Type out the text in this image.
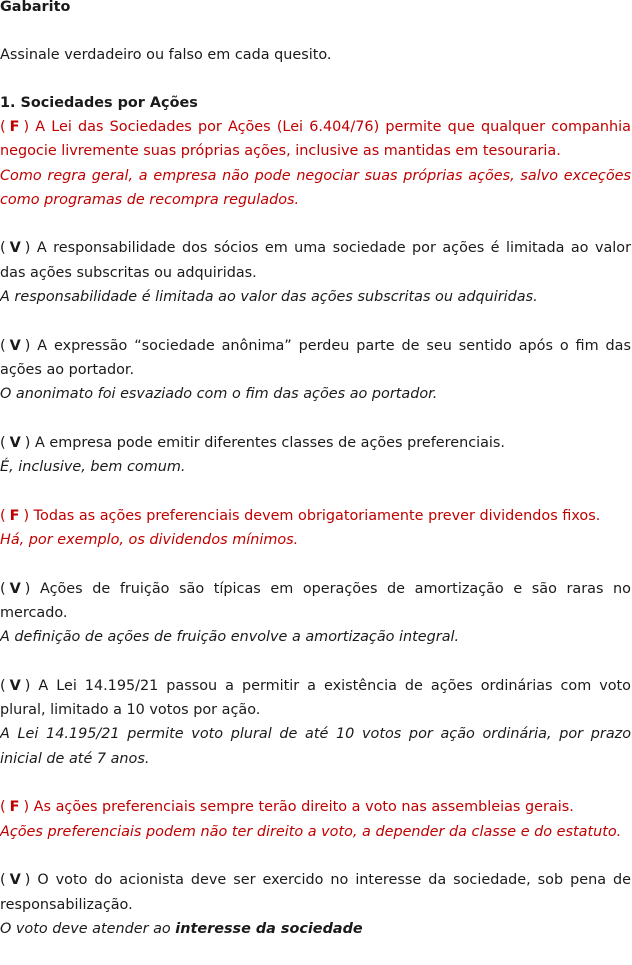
Gabarito

Assinale verdadeiro ou falso em cada quesito.

1. Sociedades por Ações

( F ) A Lei das Sociedades por Ações (Lei 6.404/76) permite que qualquer companhia negocie livremente suas próprias ações, inclusive as mantidas em tesouraria.

Como regra geral, a empresa não pode negociar suas próprias ações, salvo exceções como programas de recompra regulados.

( V ) A responsabilidade dos sócios em uma sociedade por ações é limitada ao valor das ações subscritas ou adquiridas.

A responsabilidade é limitada ao valor das ações subscritas ou adquiridas.

( V ) A expressão “sociedade anônima” perdeu parte de seu sentido após o fim das ações ao portador.

O anonimato foi esvaziado com o fim das ações ao portador.

( V ) A empresa pode emitir diferentes classes de ações preferenciais.

É, inclusive, bem comum.

( F ) Todas as ações preferenciais devem obrigatoriamente prever dividendos fixos.

Há, por exemplo, os dividendos mínimos.

( V ) Ações de fruição são típicas em operações de amortização e são raras no mercado.

A definição de ações de fruição envolve a amortização integral.

( V ) A Lei 14.195/21 passou a permitir a existência de ações ordinárias com voto plural, limitado a 10 votos por ação.

A Lei 14.195/21 permite voto plural de até 10 votos por ação ordinária, por prazo inicial de até 7 anos.

( F ) As ações preferenciais sempre terão direito a voto nas assembleias gerais.

Ações preferenciais podem não ter direito a voto, a depender da classe e do estatuto.

( V ) O voto do acionista deve ser exercido no interesse da sociedade, sob pena de responsabilização.

O voto deve atender ao interesse da sociedade
